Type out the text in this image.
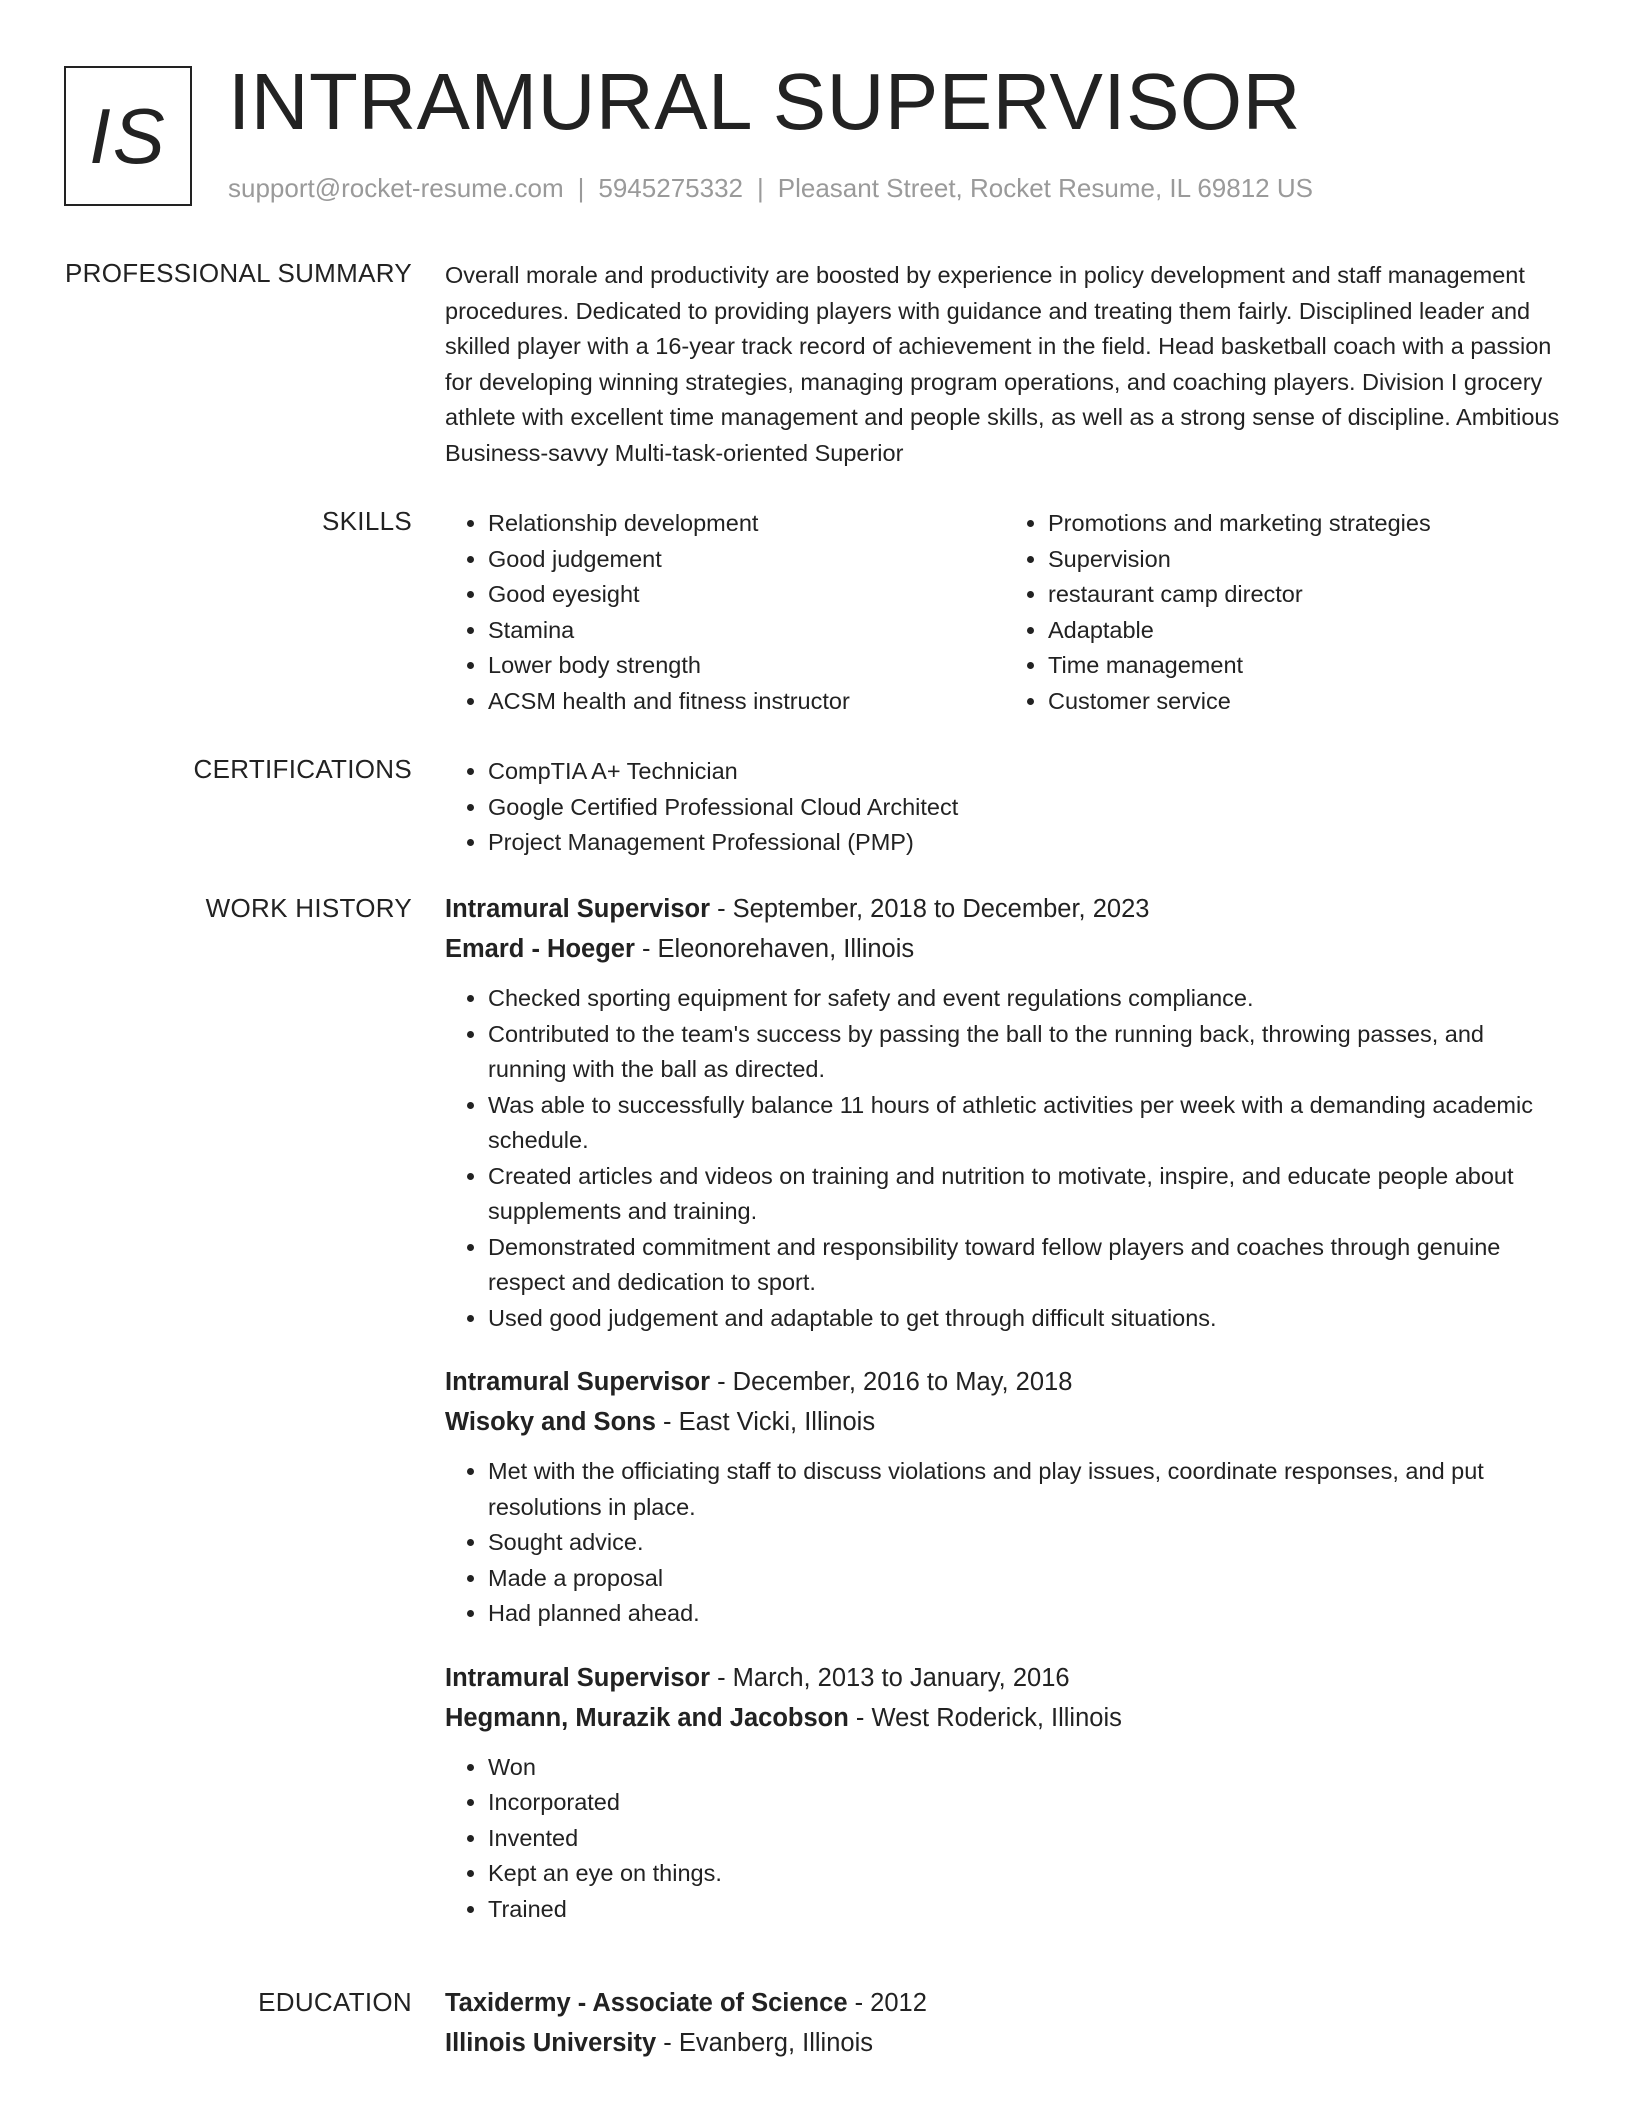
IS INTRAMURAL SUPERVISOR
support@rocket-resume.com | 5945275332 | Pleasant Street, Rocket Resume, IL 69812 US
PROFESSIONAL SUMMARY Overall morale and productivity are boosted by experience in policy development and staff management procedures. Dedicated to providing players with guidance and treating them fairly. Disciplined leader and skilled player with a 16-year track record of achievement in the field. Head basketball coach with a passion for developing winning strategies, managing program operations, and coaching players. Division I grocery athlete with excellent time management and people skills, as well as a strong sense of discipline. Ambitious Business-savvy Multi-task-oriented Superior
SKILLS	• Relationship development
• Good judgement
• Good eyesight
• Stamina
• Lower body strength
• ACSM health and fitness instructor
• Promotions and marketing strategies
• Supervision
• restaurant camp director
• Adaptable
• Time management
• Customer service
CERTIFICATIONS	• CompTIA A+ Technician
• Google Certified Professional Cloud Architect
• Project Management Professional (PMP)
WORK HISTORY Intramural Supervisor - September, 2018 to December, 2023
Emard - Hoeger - Eleonorehaven, Illinois
• Checked sporting equipment for safety and event regulations compliance.
• Contributed to the team's success by passing the ball to the running back, throwing passes, and running with the ball as directed.
• Was able to successfully balance 11 hours of athletic activities per week with a demanding academic schedule.
• Created articles and videos on training and nutrition to motivate, inspire, and educate people about supplements and training.
• Demonstrated commitment and responsibility toward fellow players and coaches through genuine respect and dedication to sport.
• Used good judgement and adaptable to get through difficult situations.
Intramural Supervisor - December, 2016 to May, 2018
Wisoky and Sons - East Vicki, Illinois
• Met with the officiating staff to discuss violations and play issues, coordinate responses, and put resolutions in place.
• Sought advice.
• Made a proposal
• Had planned ahead.
Intramural Supervisor - March, 2013 to January, 2016
Hegmann, Murazik and Jacobson - West Roderick, Illinois
• Won
• Incorporated
• Invented
• Kept an eye on things.
• Trained
EDUCATION Taxidermy - Associate of Science - 2012
Illinois University - Evanberg, Illinois
